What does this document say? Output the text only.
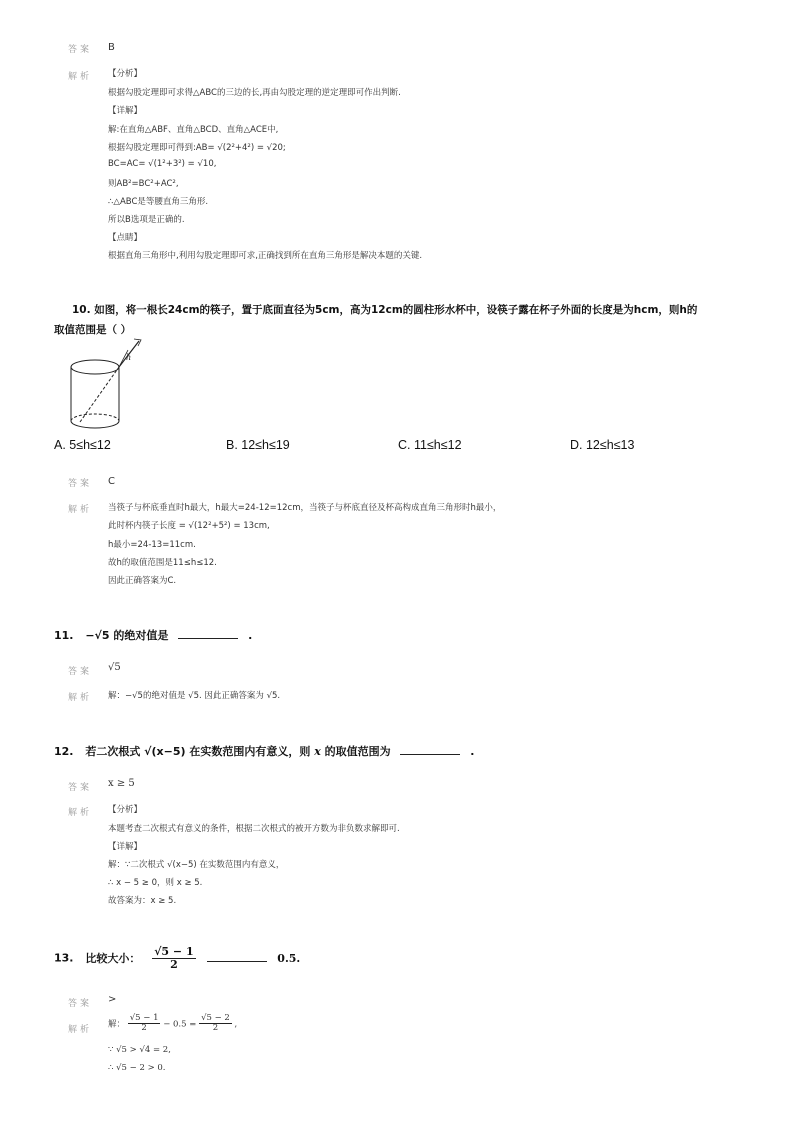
答案 B
解析 【分析】
根据勾股定理即可求得△ABC的三边的长,再由勾股定理的逆定理即可作出判断.
【详解】
解:在直角△ABF、直角△BCD、直角△ACE中,
根据勾股定理即可得到:AB= √(2²+4²) = √20;
BC=AC= √(1²+3²) = √10,
则AB²=BC²+AC²,
∴△ABC是等腰直角三角形.
所以B选项是正确的.
【点睛】
根据直角三角形中,利用勾股定理即可求,正确找到所在直角三角形是解决本题的关键.
10. 如图，将一根长24cm的筷子，置于底面直径为5cm，高为12cm的圆柱形水杯中，设筷子露在杯子外面的长度是为hcm，则h的
取值范围是（ ）
h
A. 5≤h≤12	B. 12≤h≤19	C. 11≤h≤12	D. 12≤h≤13
答案 C
解析 当筷子与杯底垂直时h最大，h最大=24-12=12cm，当筷子与杯底直径及杯高构成直角三角形时h最小，
此时杯内筷子长度 = √(12²+5²) = 13cm,
h最小=24-13=11cm.
故h的取值范围是11≤h≤12.
因此正确答案为C.
11. −√5 的绝对值是	.
答案 √5
解析 解：−√5的绝对值是 √5. 因此正确答案为 √5.
12. 若二次根式 √(x−5) 在实数范围内有意义，则 x 的取值范围为	.
答案 x ≥ 5
解析 【分析】
本题考查二次根式有意义的条件，根据二次根式的被开方数为非负数求解即可.
【详解】
解：∵二次根式 √(x−5) 在实数范围内有意义，
∴ x − 5 ≥ 0，则 x ≥ 5.
故答案为：x ≥ 5.
13. 比较大小： $\frac{√5 - 1}{2}$	0.5.
答案 >
解析
解： $\frac{√5 - 1}{2} - 0.5 = \frac{√5 - 2}{2}$ ,
∵ √5 > √4 = 2,
∴ √5 − 2 > 0.
